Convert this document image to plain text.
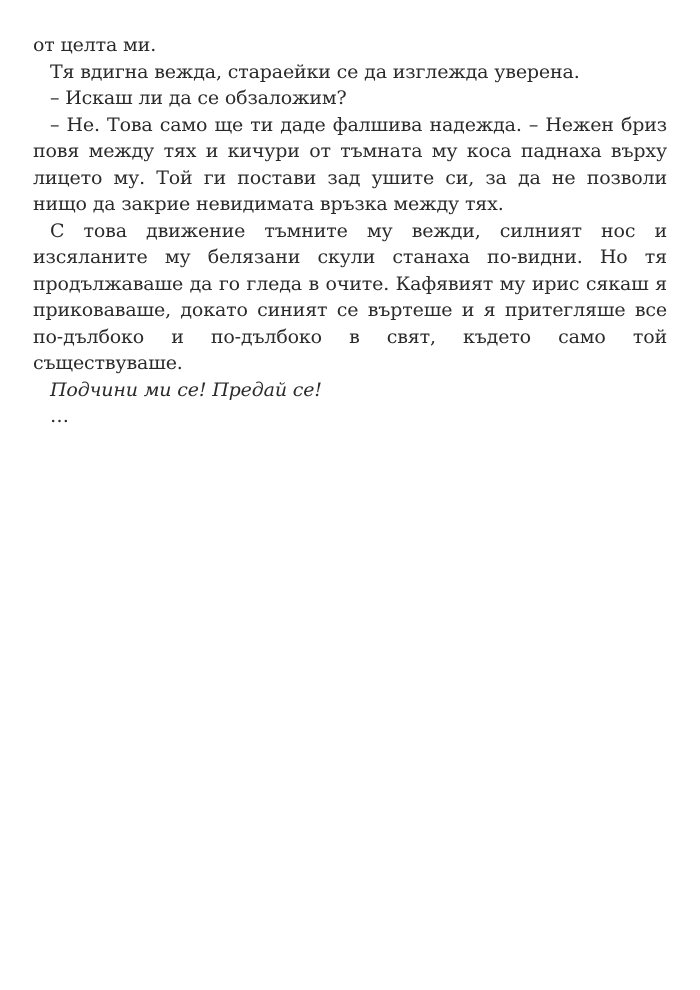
от целта ми.

Тя вдигна вежда, стараейки се да изглежда уверена.

– Искаш ли да се обзаложим?

– Не. Това само ще ти даде фалшива надежда. – Нежен бриз повя между тях и кичури от тъмната му коса паднаха върху лицето му. Той ги постави зад ушите си, за да не позволи нищо да закрие невидимата връзка между тях.

С това движение тъмните му вежди, силният нос и изсяланите му белязани скули станаха по-видни. Но тя продължаваше да го гледа в очите. Кафявият му ирис сякаш я приковаваше, докато синият се въртеше и я притегляше все по-дълбоко и по-дълбоко в свят, където само той съществуваше.

Подчини ми се! Предай се!

…
